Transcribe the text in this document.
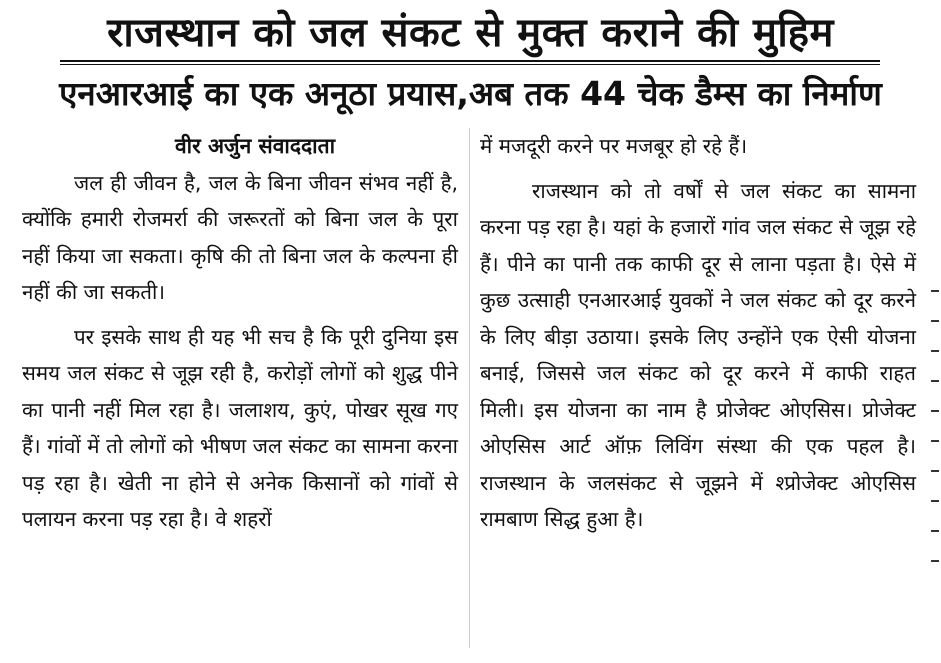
राजस्थान को जल संकट से मुक्त कराने की मुहिम
एनआरआई का एक अनूठा प्रयास,अब तक 44 चेक डैम्स का निर्माण
वीर अर्जुन संवाददाता

जल ही जीवन है, जल के बिना जीवन संभव नहीं है, क्योंकि हमारी रोजमर्रा की जरूरतों को बिना जल के पूरा नहीं किया जा सकता। कृषि की तो बिना जल के कल्पना ही नहीं की जा सकती।

पर इसके साथ ही यह भी सच है कि पूरी दुनिया इस समय जल संकट से जूझ रही है, करोड़ों लोगों को शुद्ध पीने का पानी नहीं मिल रहा है। जलाशय, कुएं, पोखर सूख गए हैं। गांवों में तो लोगों को भीषण जल संकट का सामना करना पड़ रहा है। खेती ना होने से अनेक किसानों को गांवों से पलायन करना पड़ रहा है। वे शहरों

में मजदूरी करने पर मजबूर हो रहे हैं।

राजस्थान को तो वर्षों से जल संकट का सामना करना पड़ रहा है। यहां के हजारों गांव जल संकट से जूझ रहे हैं। पीने का पानी तक काफी दूर से लाना पड़ता है। ऐसे में कुछ उत्साही एनआरआई युवकों ने जल संकट को दूर करने के लिए बीड़ा उठाया। इसके लिए उन्होंने एक ऐसी योजना बनाई, जिससे जल संकट को दूर करने में काफी राहत मिली। इस योजना का नाम है प्रोजेक्ट ओएसिस। प्रोजेक्ट ओएसिस आर्ट ऑफ़ लिविंग संस्था की एक पहल है। राजस्थान के जलसंकट से जूझने में श्प्रोजेक्ट ओएसिस रामबाण सिद्ध हुआ है।
